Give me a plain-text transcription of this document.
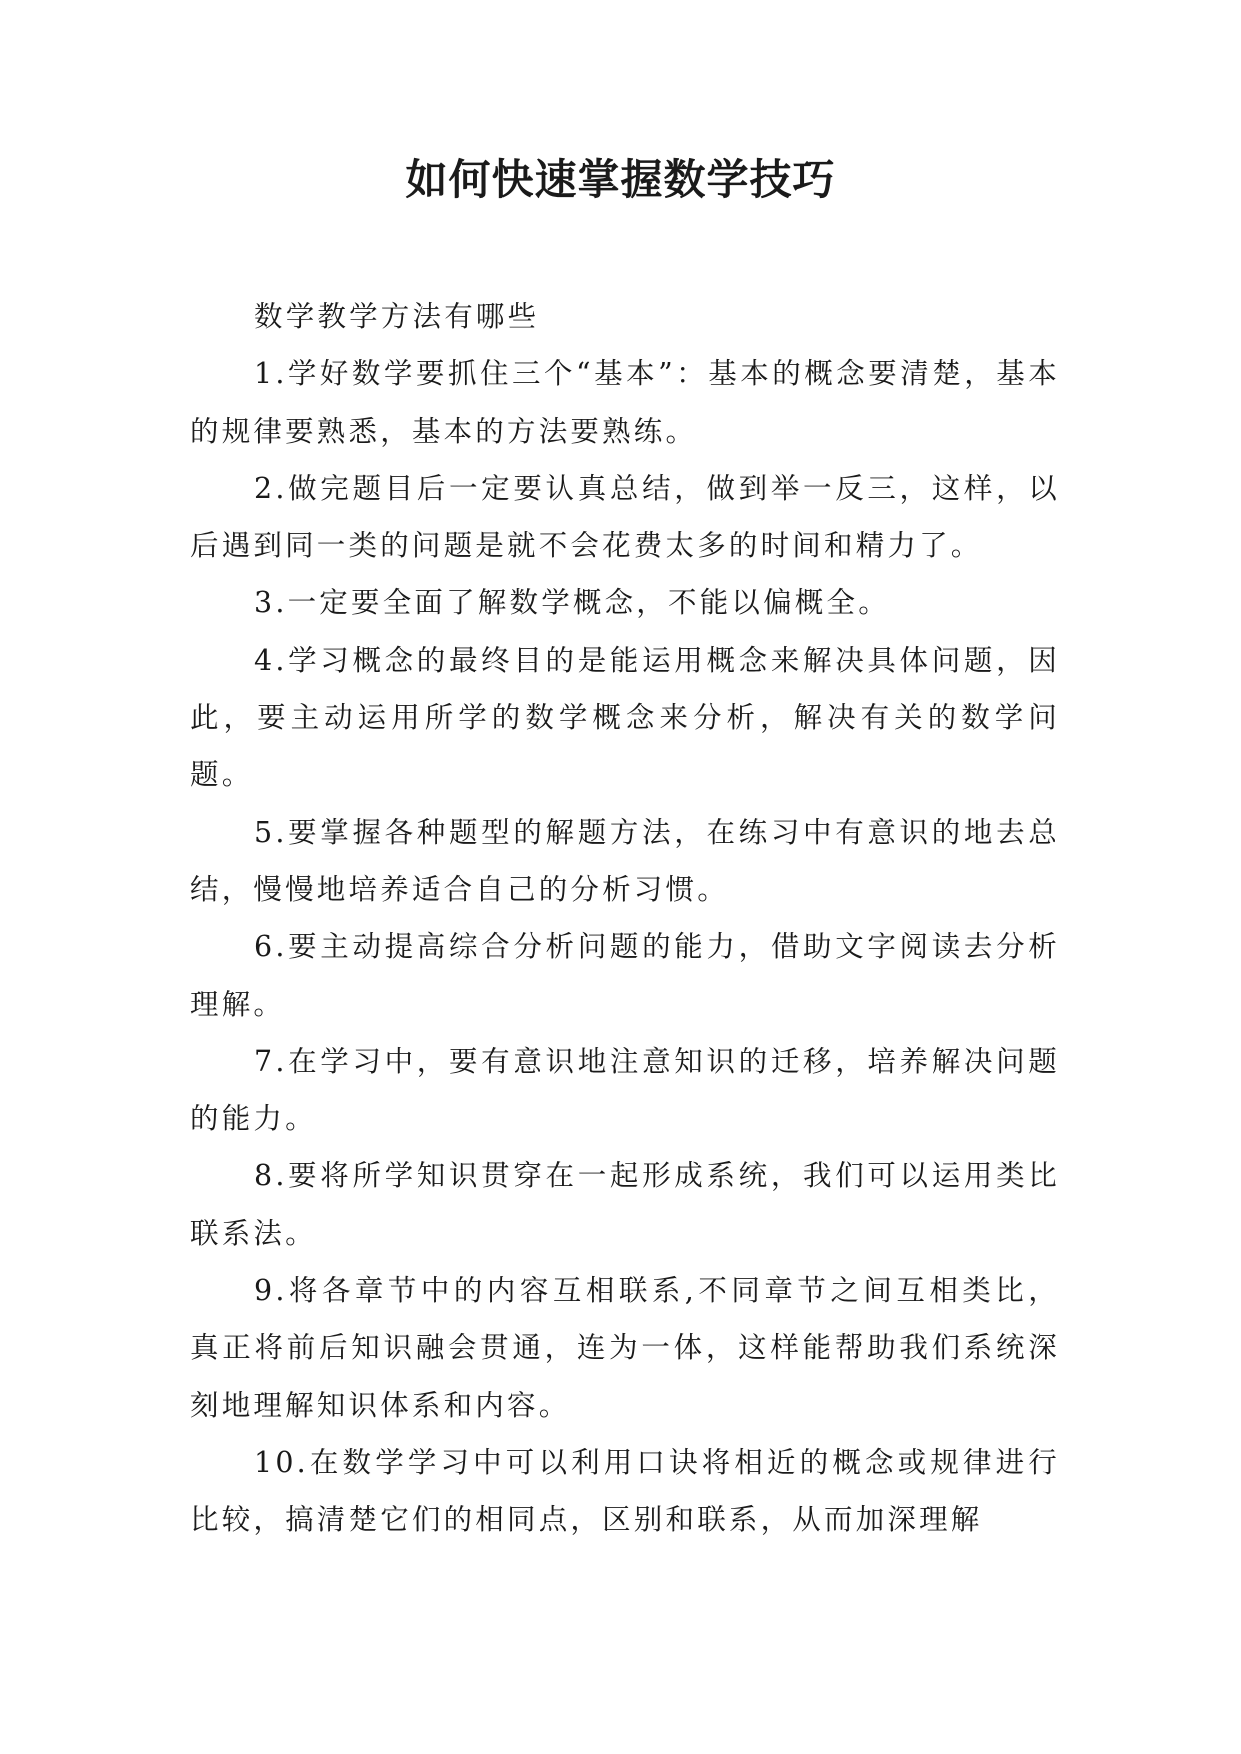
如何快速掌握数学技巧

数学教学方法有哪些

1.学好数学要抓住三个“基本”：基本的概念要清楚，基本的规律要熟悉，基本的方法要熟练。

2.做完题目后一定要认真总结，做到举一反三，这样，以后遇到同一类的问题是就不会花费太多的时间和精力了。

3.一定要全面了解数学概念，不能以偏概全。

4.学习概念的最终目的是能运用概念来解决具体问题，因此，要主动运用所学的数学概念来分析，解决有关的数学问题。

5.要掌握各种题型的解题方法，在练习中有意识的地去总结，慢慢地培养适合自己的分析习惯。

6.要主动提高综合分析问题的能力，借助文字阅读去分析理解。

7.在学习中，要有意识地注意知识的迁移，培养解决问题的能力。

8.要将所学知识贯穿在一起形成系统，我们可以运用类比联系法。

9.将各章节中的内容互相联系,不同章节之间互相类比，真正将前后知识融会贯通，连为一体，这样能帮助我们系统深刻地理解知识体系和内容。

10.在数学学习中可以利用口诀将相近的概念或规律进行比较，搞清楚它们的相同点，区别和联系，从而加深理解
